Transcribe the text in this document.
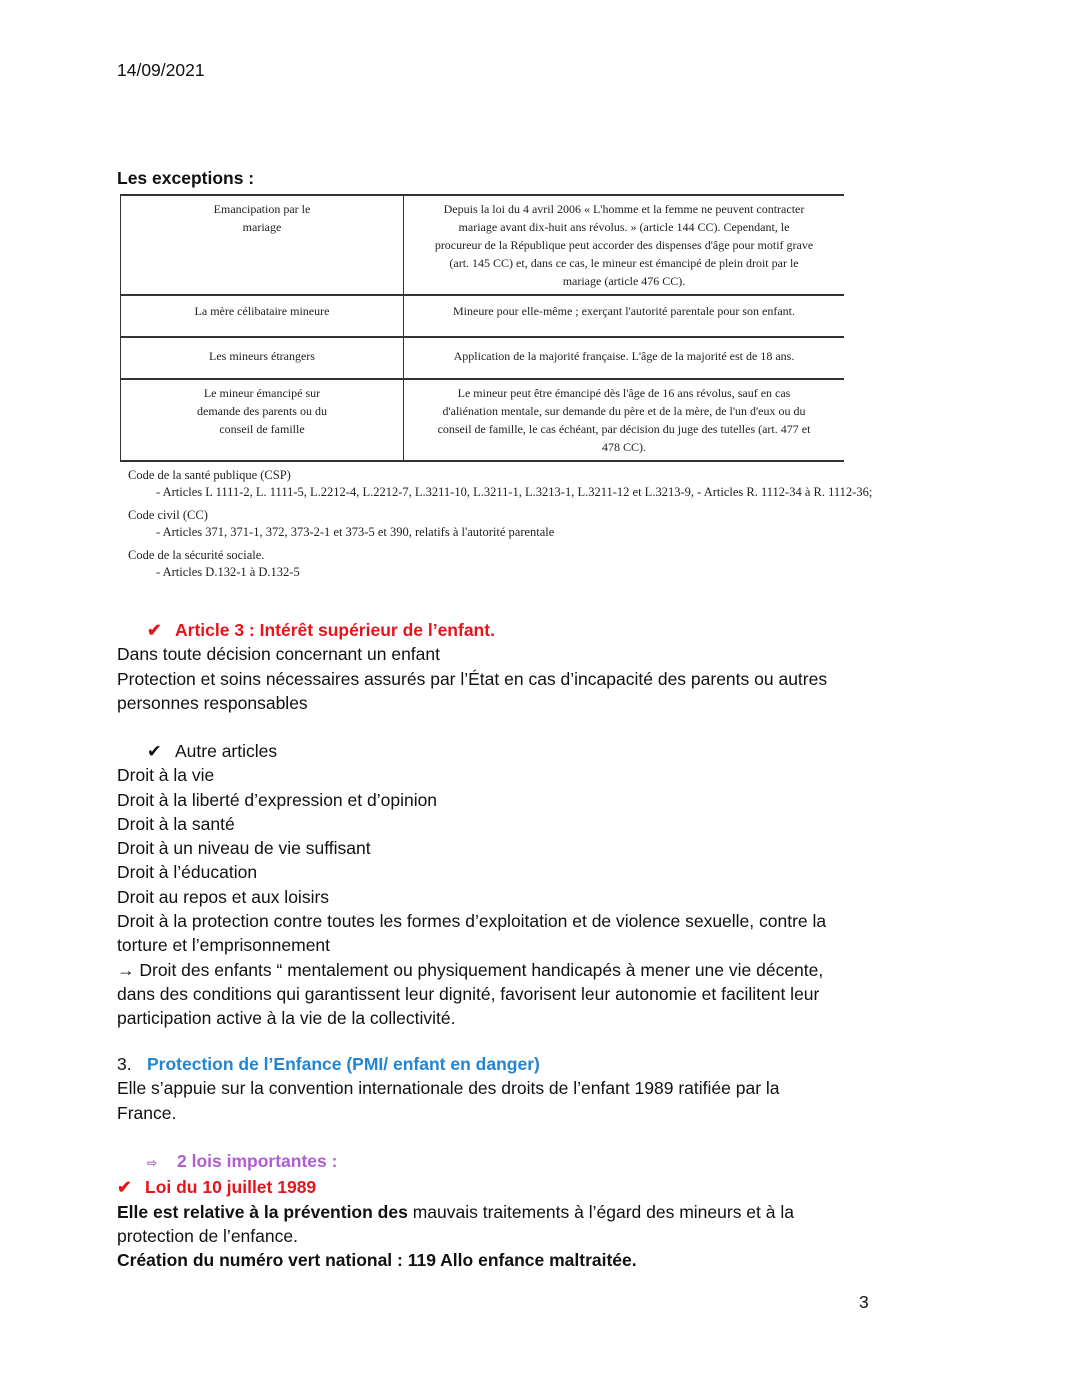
14/09/2021
Les exceptions :
Emancipation par le mariage	Depuis la loi du 4 avril 2006 « L'homme et la femme ne peuvent contracter mariage avant dix-huit ans révolus. » (article 144 CC). Cependant, le procureur de la République peut accorder des dispenses d'âge pour motif grave (art. 145 CC) et, dans ce cas, le mineur est émancipé de plein droit par le mariage (article 476 CC).

La mère célibataire mineure	Mineure pour elle-même ; exerçant l'autorité parentale pour son enfant.
Les mineurs étrangers	Application de la majorité française. L'âge de la majorité est de 18 ans.

Le mineur émancipé sur demande des parents ou du conseil de famille	Le mineur peut être émancipé dès l'âge de 16 ans révolus, sauf en cas d'aliénation mentale, sur demande du père et de la mère, de l'un d'eux ou du conseil de famille, le cas échéant, par décision du juge des tutelles (art. 477 et 478 CC).
Code de la santé publique (CSP)
- Articles L 1111-2, L. 1111-5, L.2212-4, L.2212-7, L.3211-10, L.3211-1, L.3213-1, L.3211-12 et L.3213-9, - Articles R. 1112-34 à R. 1112-36;
Code civil (CC)
- Articles 371, 371-1, 372, 373-2-1 et 373-5 et 390, relatifs à l'autorité parentale
Code de la sécurité sociale.
- Articles D.132-1 à D.132-5
✔ Article 3 : Intérêt supérieur de l’enfant.
Dans toute décision concernant un enfant
Protection et soins nécessaires assurés par l’État en cas d’incapacité des parents ou autres
personnes responsables
✔ Autre articles
Droit à la vie
Droit à la liberté d’expression et d’opinion
Droit à la santé
Droit à un niveau de vie suffisant
Droit à l’éducation
Droit au repos et aux loisirs
Droit à la protection contre toutes les formes d’exploitation et de violence sexuelle, contre la
torture et l’emprisonnement
→ Droit des enfants “ mentalement ou physiquement handicapés à mener une vie décente,
dans des conditions qui garantissent leur dignité, favorisent leur autonomie et facilitent leur
participation active à la vie de la collectivité.
3. Protection de l’Enfance (PMI/ enfant en danger)
Elle s’appuie sur la convention internationale des droits de l’enfant 1989 ratifiée par la
France.
⇨ 2 lois importantes :
✔ Loi du 10 juillet 1989
Elle est relative à la prévention des mauvais traitements à l’égard des mineurs et à la
protection de l’enfance.
Création du numéro vert national : 119 Allo enfance maltraitée.
3
